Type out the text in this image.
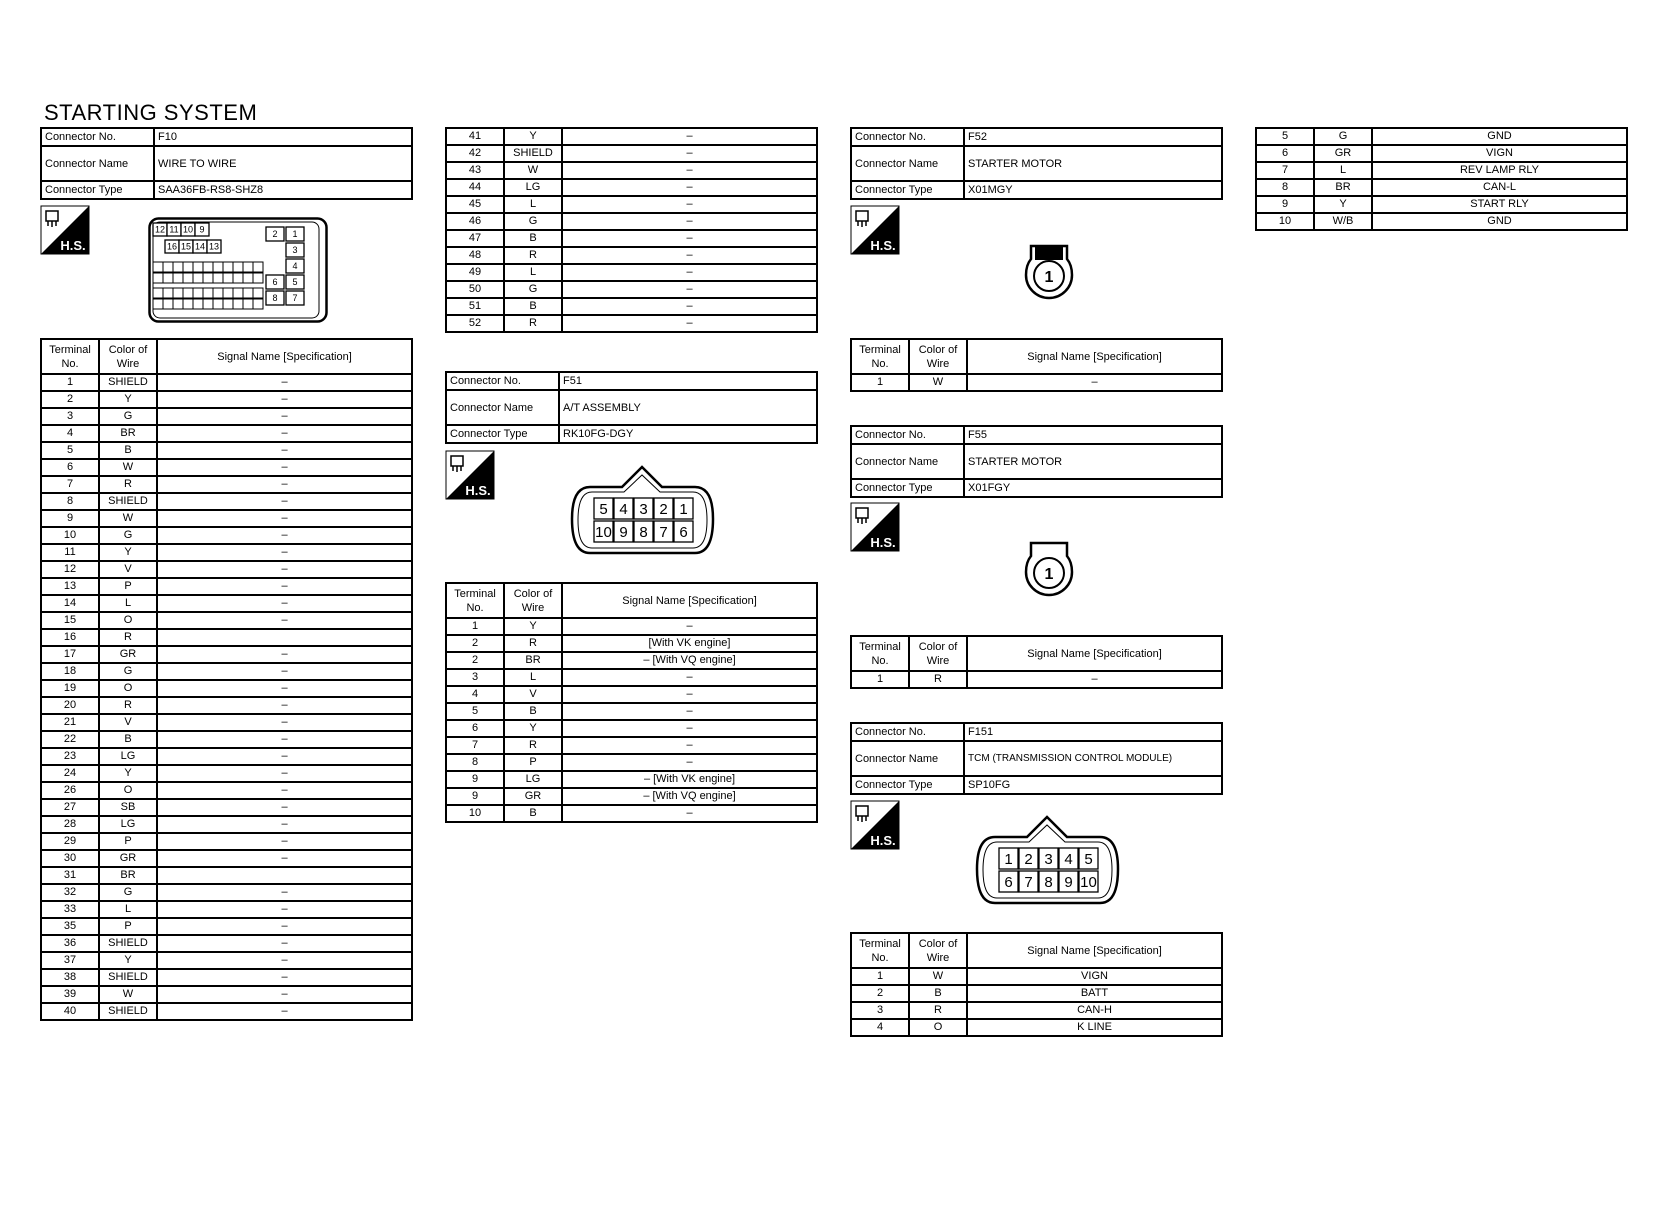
STARTING SYSTEM
Connector No.	F10
Connector Name	WIRE TO WIRE
Connector Type	SAA36FB-RS8-SHZ8
H.S.
12 11 10 9
16 15 14 13
2 1
3
4
6 5
8 7
Terminal No.	Color of Wire	Signal Name [Specification]
1	SHIELD	–
2	Y	–
3	G	–
4	BR	–
5	B	–
6	W	–
7	R	–
8	SHIELD	–
9	W	–
10	G	–
11	Y	–
12	V	–
13	P	–
14	L	–
15	O	–
16	R	
17	GR	–
18	G	–
19	O	–
20	R	–
21	V	–
22	B	–
23	LG	–
24	Y	–
26	O	–
27	SB	–
28	LG	–
29	P	–
30	GR	–
31	BR	
32	G	–
33	L	–
35	P	–
36	SHIELD	–
37	Y	–
38	SHIELD	–
39	W	–
40	SHIELD	–
41	Y	–
42	SHIELD	–
43	W	–
44	LG	–
45	L	–
46	G	–
47	B	–
48	R	–
49	L	–
50	G	–
51	B	–
52	R	–
Connector No.	F51
Connector Name	A/T ASSEMBLY
Connector Type	RK10FG-DGY
H.S.
5
10
4
9
3
8
2
7
1
6
Terminal No.	Color of Wire	Signal Name [Specification]
1	Y	–
2	R	[With VK engine]
2	BR	– [With VQ engine]
3	L	–
4	V	–
5	B	–
6	Y	–
7	R	–
8	P	–
9	LG	– [With VK engine]
9	GR	– [With VQ engine]
10	B	–
Connector No.	F52
Connector Name	STARTER MOTOR
Connector Type	X01MGY
H.S.
1
Terminal No.	Color of Wire	Signal Name [Specification]
1	W	–
Connector No.	F55
Connector Name	STARTER MOTOR
Connector Type	X01FGY
H.S.
1
Terminal No.	Color of Wire	Signal Name [Specification]
1	R	–
Connector No.	F151
Connector Name	TCM (TRANSMISSION CONTROL MODULE)
Connector Type	SP10FG
H.S.
1
6
2
7
3
8
4
9
5
10
Terminal No.	Color of Wire	Signal Name [Specification]
1	W	VIGN
2	B	BATT
3	R	CAN-H
4	O	K LINE
5	G	GND
6	GR	VIGN
7	L	REV LAMP RLY
8	BR	CAN-L
9	Y	START RLY
10	W/B	GND
